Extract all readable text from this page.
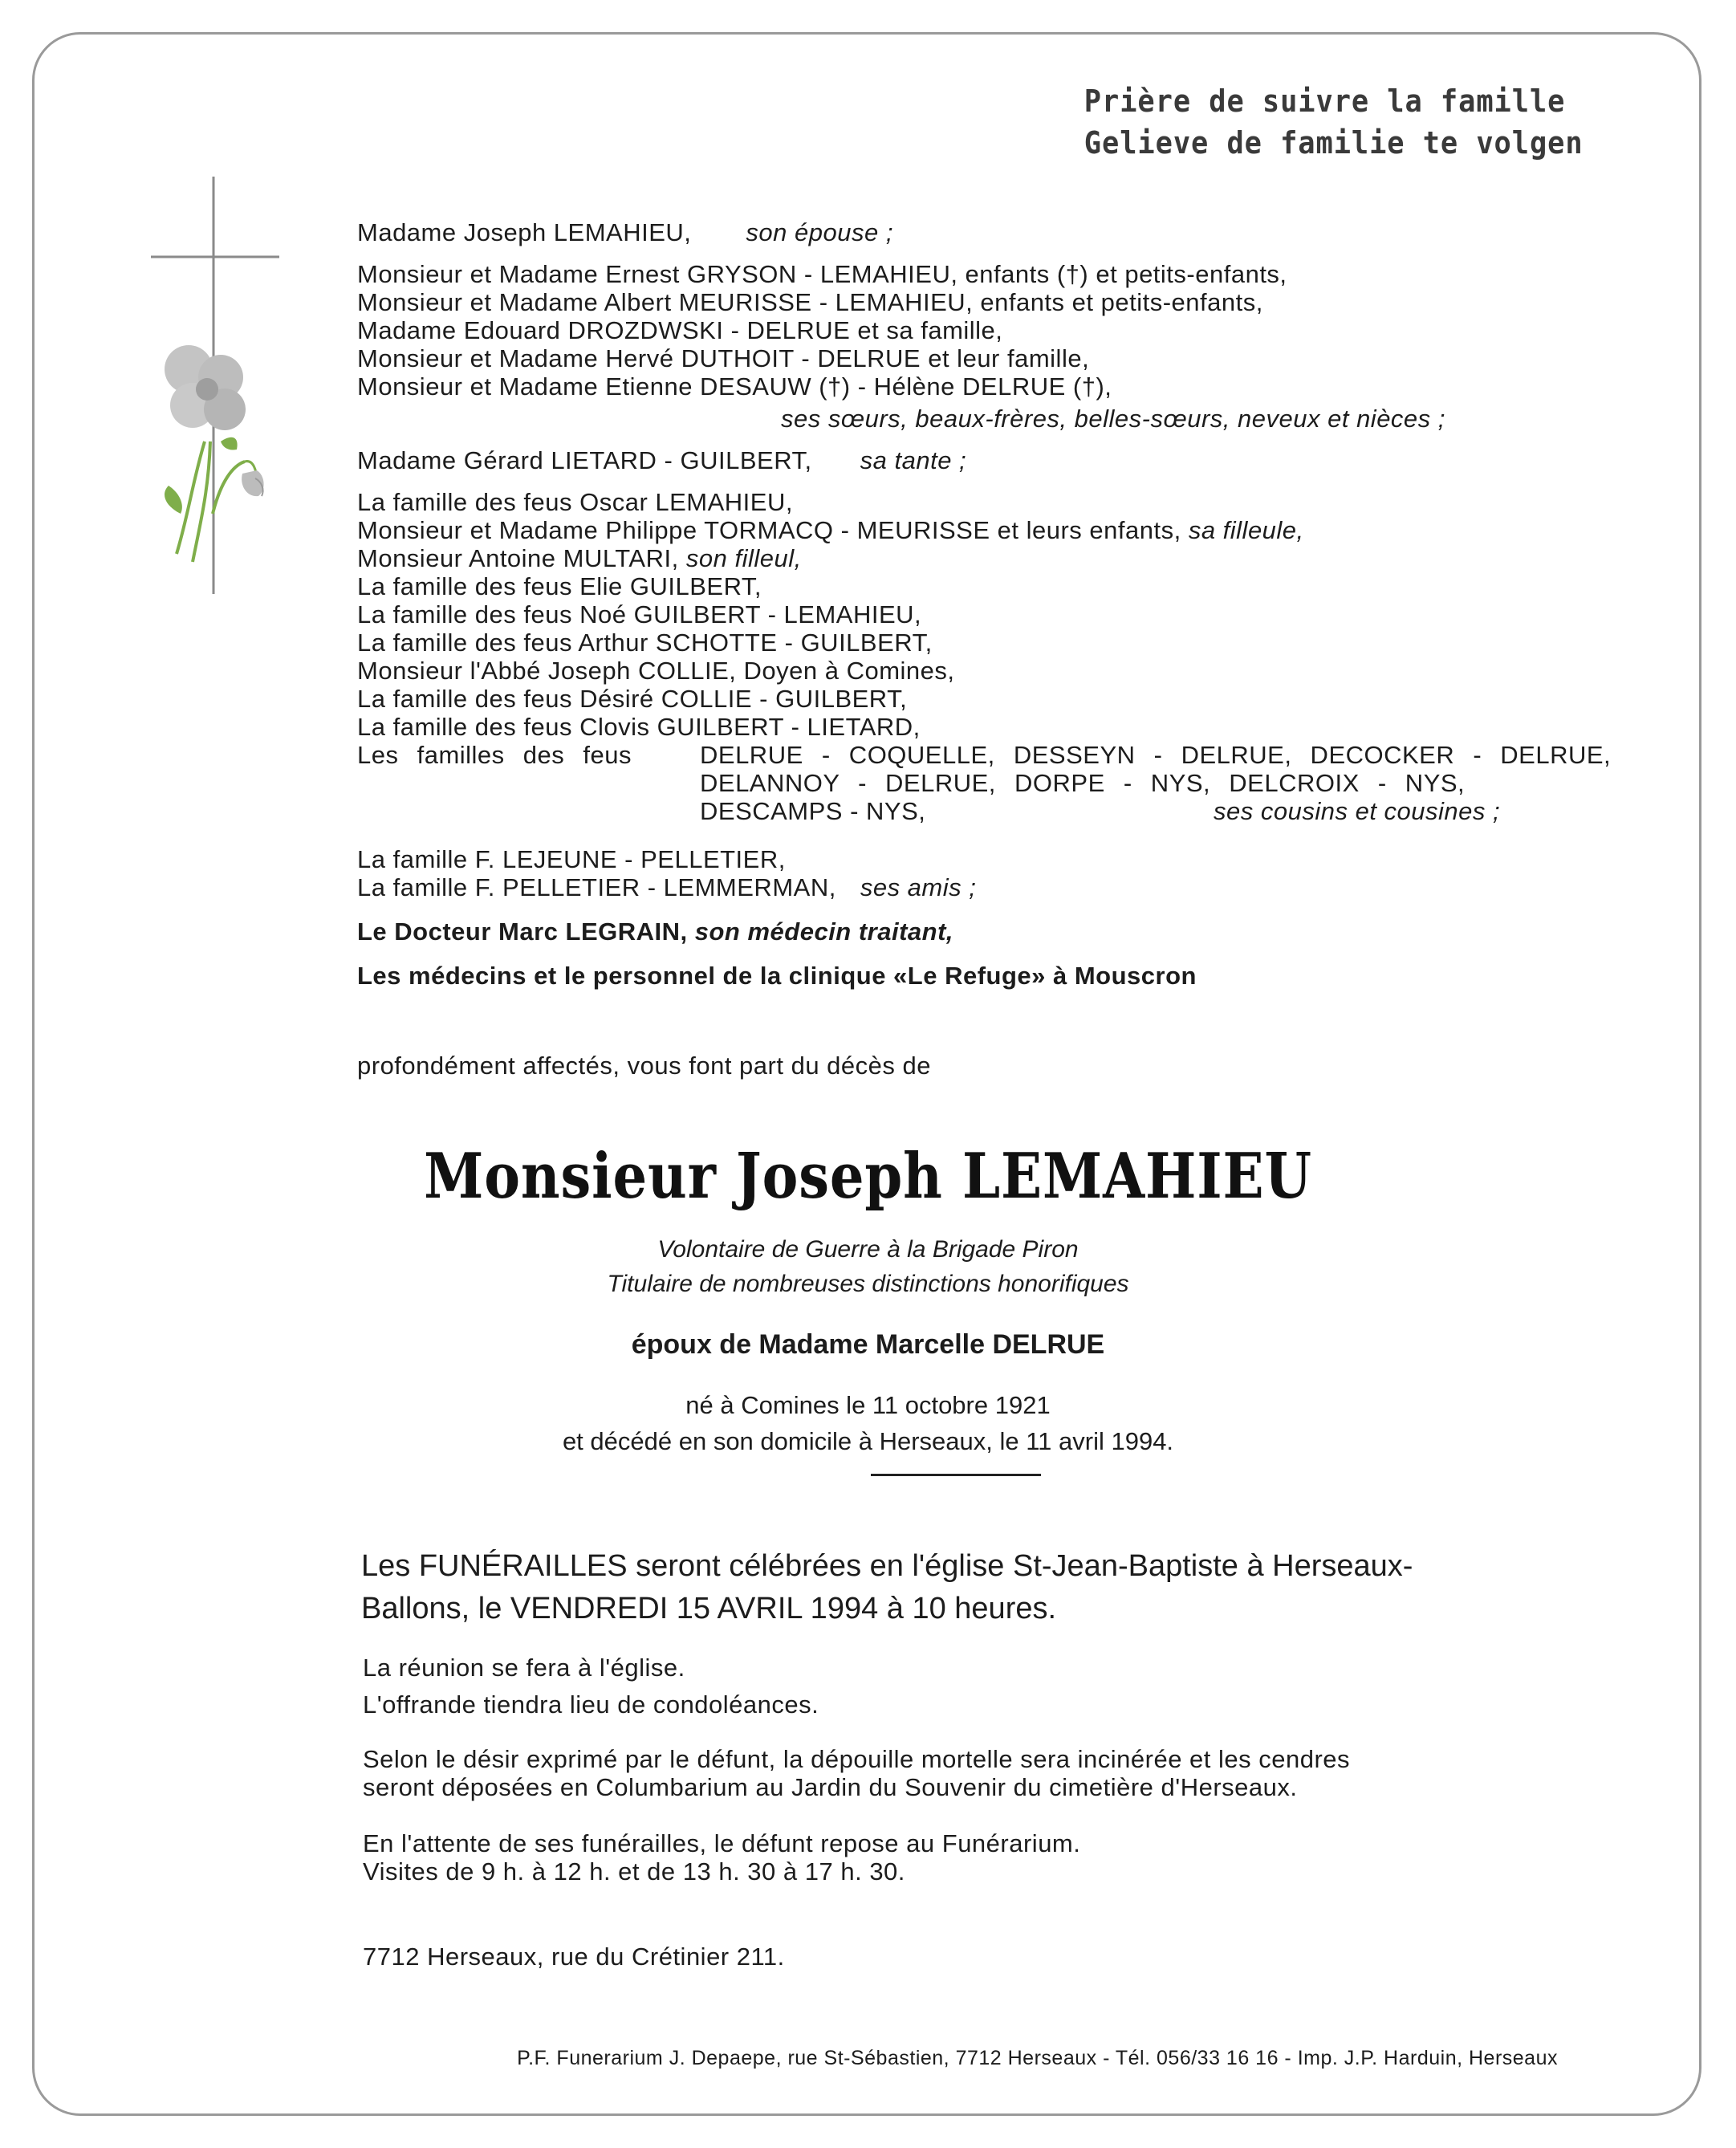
Prière de suivre la famille
Gelieve de familie te volgen
Madame Joseph LEMAHIEU, son épouse ;
Monsieur et Madame Ernest GRYSON - LEMAHIEU, enfants (†) et petits-enfants,
Monsieur et Madame Albert MEURISSE - LEMAHIEU, enfants et petits-enfants,
Madame Edouard DROZDWSKI - DELRUE et sa famille,
Monsieur et Madame Hervé DUTHOIT - DELRUE et leur famille,
Monsieur et Madame Etienne DESAUW (†) - Hélène DELRUE (†),
ses sœurs, beaux-frères, belles-sœurs, neveux et nièces ;
Madame Gérard LIETARD - GUILBERT, sa tante ;
La famille des feus Oscar LEMAHIEU,
Monsieur et Madame Philippe TORMACQ - MEURISSE et leurs enfants, sa filleule,
Monsieur Antoine MULTARI, son filleul,
La famille des feus Elie GUILBERT,
La famille des feus Noé GUILBERT - LEMAHIEU,
La famille des feus Arthur SCHOTTE - GUILBERT,
Monsieur l'Abbé Joseph COLLIE, Doyen à Comines,
La famille des feus Désiré COLLIE - GUILBERT,
La famille des feus Clovis GUILBERT - LIETARD,
Les familles des feus	DELRUE - COQUELLE, DESSEYN - DELRUE, DECOCKER - DELRUE,
DELANNOY - DELRUE, DORPE - NYS, DELCROIX - NYS,
DESCAMPS - NYS,	ses cousins et cousines ;
La famille F. LEJEUNE - PELLETIER,
La famille F. PELLETIER - LEMMERMAN, ses amis ;
Le Docteur Marc LEGRAIN, son médecin traitant,
Les médecins et le personnel de la clinique «Le Refuge» à Mouscron
profondément affectés, vous font part du décès de
Monsieur Joseph LEMAHIEU
Volontaire de Guerre à la Brigade Piron
Titulaire de nombreuses distinctions honorifiques
époux de Madame Marcelle DELRUE
né à Comines le 11 octobre 1921
et décédé en son domicile à Herseaux, le 11 avril 1994.
Les FUNÉRAILLES seront célébrées en l'église St-Jean-Baptiste à Herseaux-
Ballons, le VENDREDI 15 AVRIL 1994 à 10 heures.
La réunion se fera à l'église.
L'offrande tiendra lieu de condoléances.
Selon le désir exprimé par le défunt, la dépouille mortelle sera incinérée et les cendres
seront déposées en Columbarium au Jardin du Souvenir du cimetière d'Herseaux.
En l'attente de ses funérailles, le défunt repose au Funérarium.
Visites de 9 h. à 12 h. et de 13 h. 30 à 17 h. 30.
7712 Herseaux, rue du Crétinier 211.
P.F. Funerarium J. Depaepe, rue St-Sébastien, 7712 Herseaux - Tél. 056/33 16 16 - Imp. J.P. Harduin, Herseaux
